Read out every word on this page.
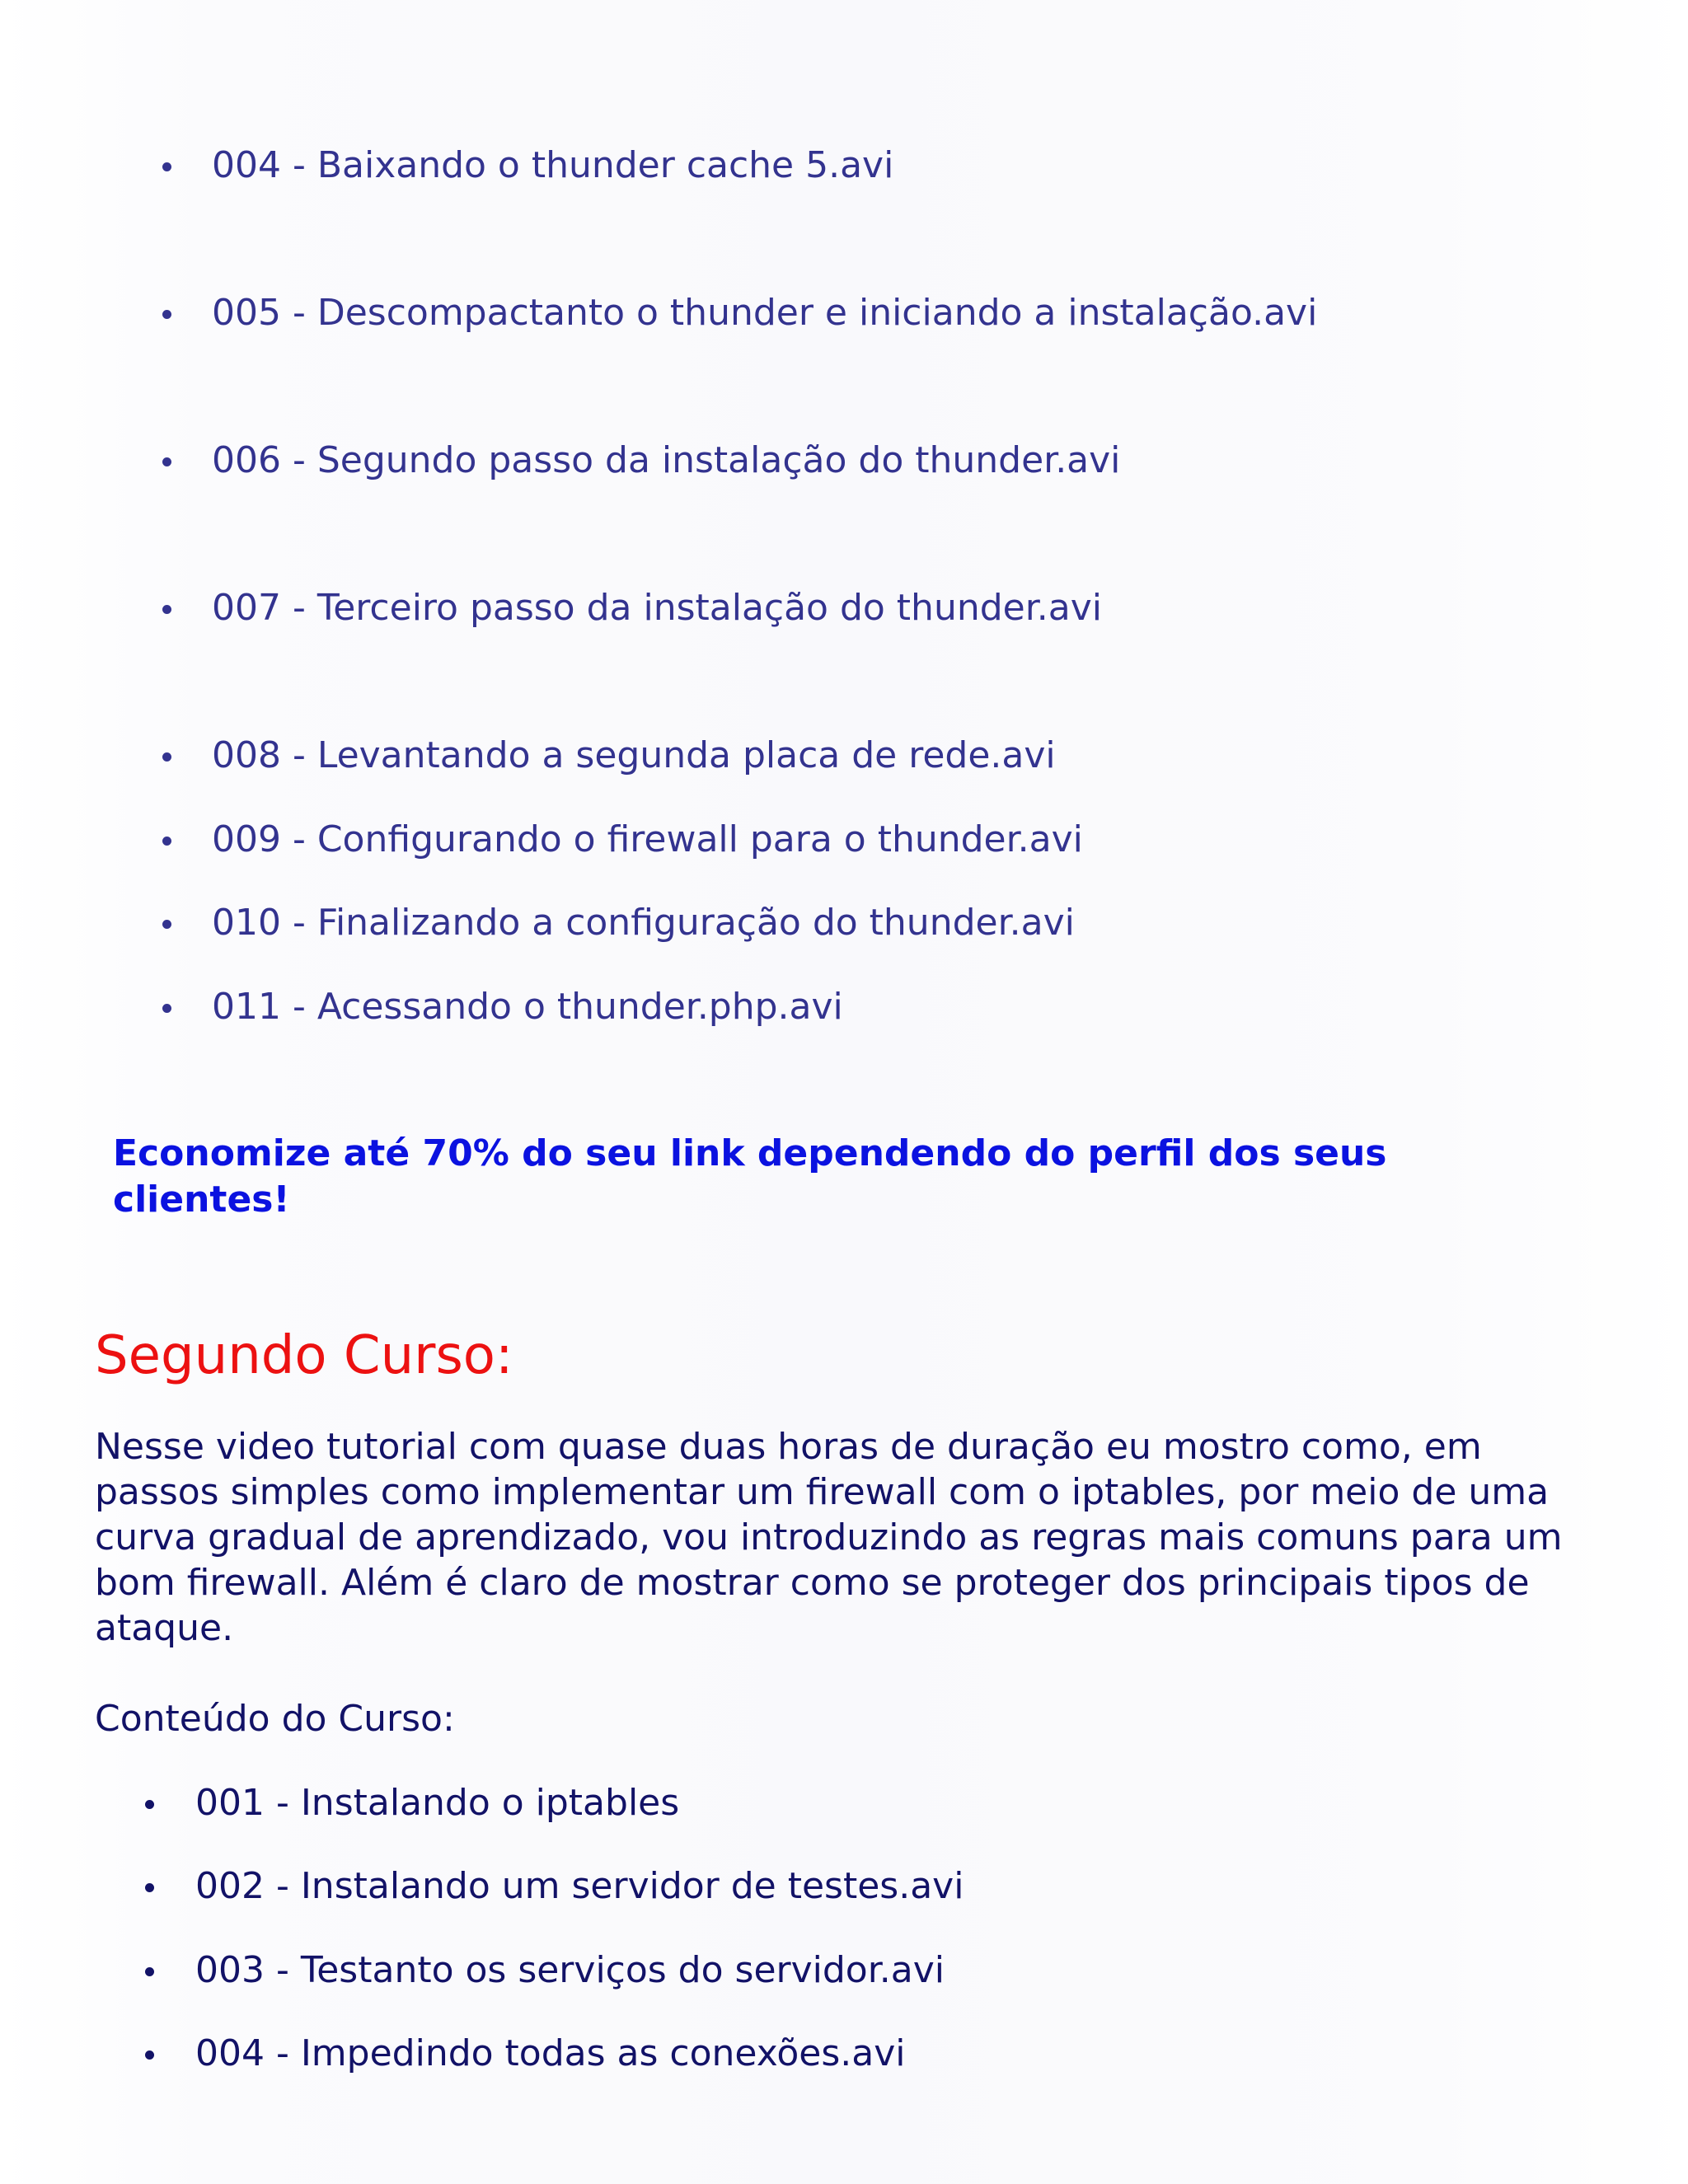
004 - Baixando o thunder cache 5.avi
005 - Descompactanto o thunder e iniciando a instalação.avi
006 - Segundo passo da instalação do thunder.avi
007 - Terceiro passo da instalação do thunder.avi
008 - Levantando a segunda placa de rede.avi
009 - Configurando o firewall para o thunder.avi
010 - Finalizando a configuração do thunder.avi
011 - Acessando o thunder.php.avi

Economize até 70% do seu link dependendo do perfil dos seus clientes!

Segundo Curso:

Nesse video tutorial com quase duas horas de duração eu mostro como, em passos simples como implementar um firewall com o iptables, por meio de uma curva gradual de aprendizado, vou introduzindo as regras mais comuns para um bom firewall. Além é claro de mostrar como se proteger dos principais tipos de ataque.

Conteúdo do Curso:

001 - Instalando o iptables
002 - Instalando um servidor de testes.avi
003 - Testanto os serviços do servidor.avi
004 - Impedindo todas as conexões.avi
